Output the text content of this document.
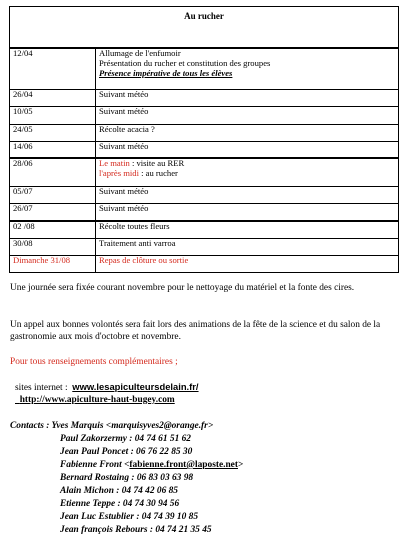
Au rucher	
12/04	Allumage de l'enfumoir
Présentation du rucher et constitution des groupes
Présence impérative de tous les élèves

26/04	Suivant météo
10/05	Suivant météo
24/05	Récolte acacia ?
14/06	Suivant météo
28/06	Le matin : visite au RER
l'après midi : au rucher

05/07	Suivant météo
26/07	Suivant météo
02 /08	Récolte toutes fleurs
30/08	Traitement anti varroa
Dimanche 31/08	Repas de clôture ou sortie

Une journée sera fixée courant novembre pour le nettoyage du matériel et la fonte des cires.

Un appel aux bonnes volontés sera fait lors des animations de la fête de la science et du salon de la gastronomie aux mois d'octobre et novembre.

Pour tous renseignements complémentaires ;

sites internet : www.lesapiculteursdelain.fr/

http://www.apiculture-haut-bugey.com

Contacts : Yves Marquis <marquisyves2@orange.fr>

Paul Zakorzermy : 04 74 61 51 62

Jean Paul Poncet : 06 76 22 85 30

Fabienne Front <fabienne.front@laposte.net>

Bernard Rostaing : 06 83 03 63 98

Alain Michon : 04 74 42 06 85

Etienne Teppe : 04 74 30 94 56

Jean Luc Estublier : 04 74 39 10 85

Jean françois Rebours : 04 74 21 35 45
